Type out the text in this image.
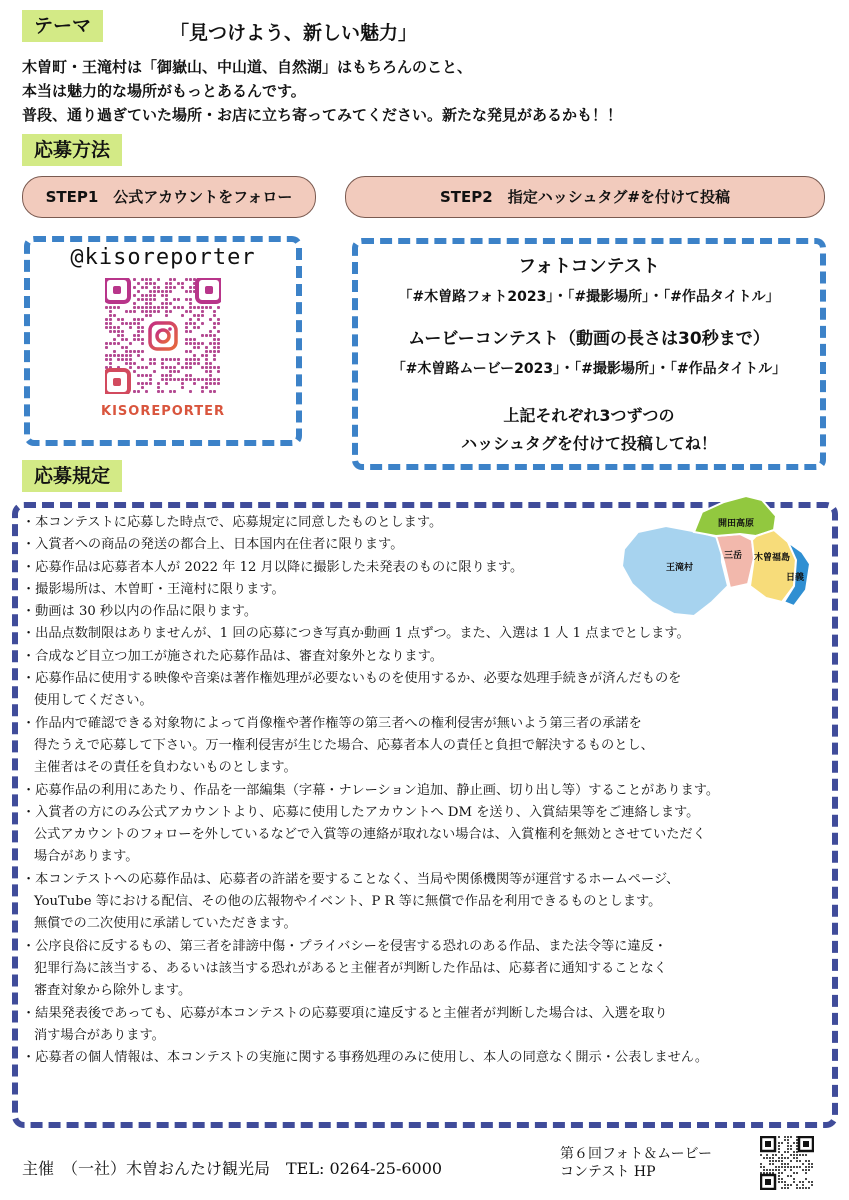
テーマ	「見つけよう、新しい魅力」
木曽町・王滝村は「御嶽山、中山道、自然湖」はもちろんのこと、
本当は魅力的な場所がもっとあるんです。
普段、通り過ぎていた場所・お店に立ち寄ってみてください。新たな発見があるかも！！
応募方法
STEP1　公式アカウントをフォロー	STEP2　指定ハッシュタグ#を付けて投稿
@kisoreporter
KISOREPORTER
フォトコンテスト
「#木曽路フォト2023」・「#撮影場所」・「#作品タイトル」
ムービーコンテスト（動画の長さは30秒まで）
「#木曽路ムービー2023」・「#撮影場所」・「#作品タイトル」
上記それぞれ3つずつの
ハッシュタグを付けて投稿してね！
応募規定
開田高原
三岳 木曽福島
日義
王滝村
・本コンテストに応募した時点で、応募規定に同意したものとします。
・入賞者への商品の発送の都合上、日本国内在住者に限ります。
・応募作品は応募者本人が 2022 年 12 月以降に撮影した未発表のものに限ります。
・撮影場所は、木曽町・王滝村に限ります。
・動画は 30 秒以内の作品に限ります。
・出品点数制限はありませんが、1 回の応募につき写真か動画 1 点ずつ。また、入選は 1 人 1 点までとします。
・合成など目立つ加工が施された応募作品は、審査対象外となります。
・応募作品に使用する映像や音楽は著作権処理が必要ないものを使用するか、必要な処理手続きが済んだものを
使用してください。
・作品内で確認できる対象物によって肖像権や著作権等の第三者への権利侵害が無いよう第三者の承諾を
得たうえで応募して下さい。万一権利侵害が生じた場合、応募者本人の責任と負担で解決するものとし、
主催者はその責任を負わないものとします。
・応募作品の利用にあたり、作品を一部編集（字幕・ナレーション追加、静止画、切り出し等）することがあります。
・入賞者の方にのみ公式アカウントより、応募に使用したアカウントへ DM を送り、入賞結果等をご連絡します。
公式アカウントのフォローを外しているなどで入賞等の連絡が取れない場合は、入賞権利を無効とさせていただく
場合があります。
・本コンテストへの応募作品は、応募者の許諾を要することなく、当局や関係機関等が運営するホームページ、
YouTube 等における配信、その他の広報物やイベント、P R 等に無償で作品を利用できるものとします。
無償での二次使用に承諾していただきます。
・公序良俗に反するもの、第三者を誹謗中傷・プライバシーを侵害する恐れのある作品、また法令等に違反・
犯罪行為に該当する、あるいは該当する恐れがあると主催者が判断した作品は、応募者に通知することなく
審査対象から除外します。
・結果発表後であっても、応募が本コンテストの応募要項に違反すると主催者が判断した場合は、入選を取り
消す場合があります。
・応募者の個人情報は、本コンテストの実施に関する事務処理のみに使用し、本人の同意なく開示・公表しません。
主催　（一社）木曽おんたけ観光局　TEL: 0264-25-6000
第６回フォト＆ムービー
コンテスト HP
